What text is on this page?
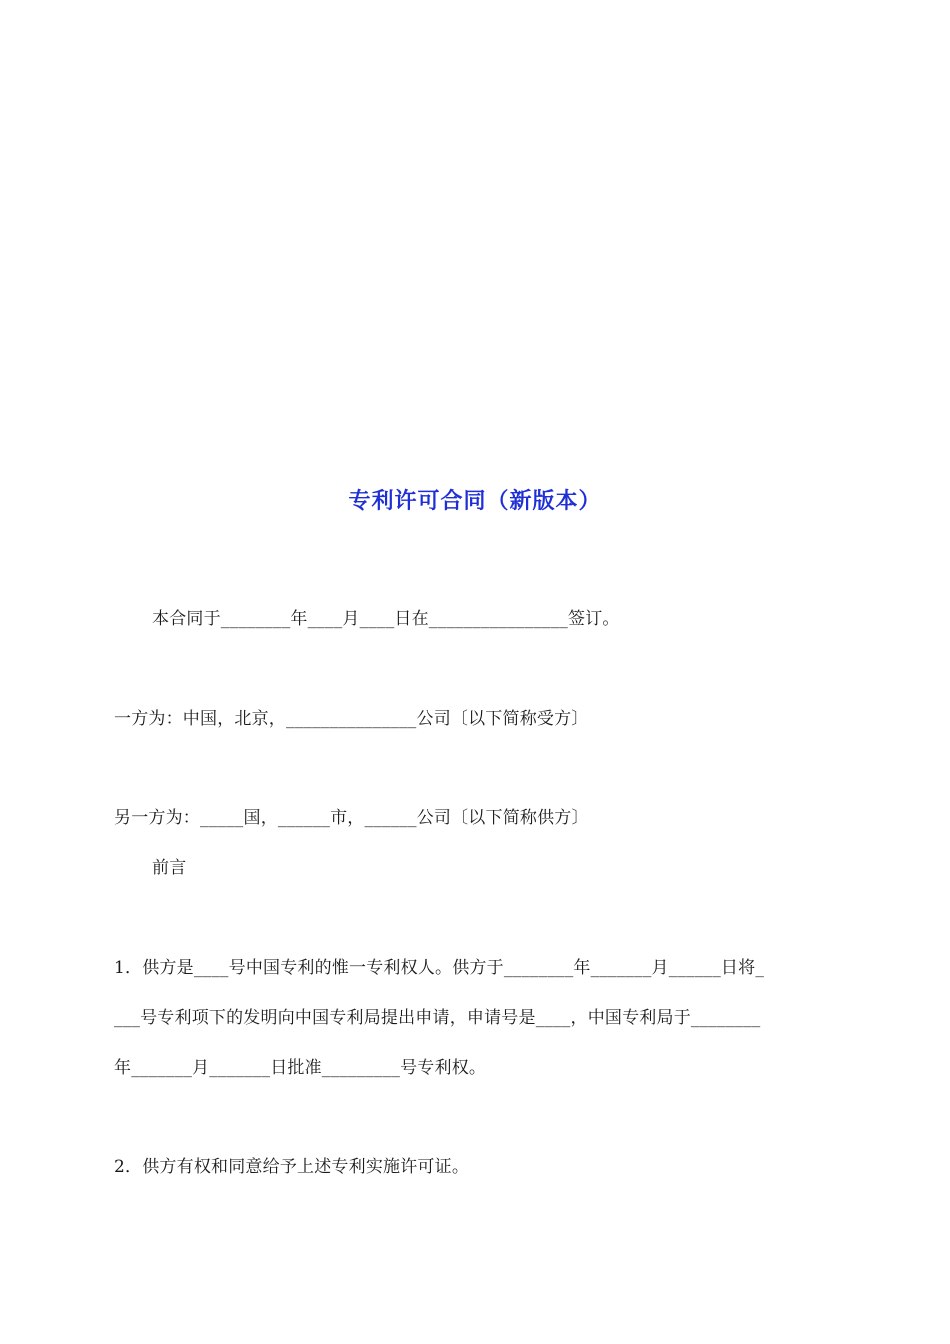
专利许可合同（新版本）
本合同于________年____月____日在________________签订。
一方为：中国，北京，_______________公司〔以下简称受方〕
另一方为：_____国，______市，______公司〔以下简称供方〕
前言
1．供方是____号中国专利的惟一专利权人。供方于________年_______月______日将_
___号专利项下的发明向中国专利局提出申请，申请号是____，中国专利局于________
年_______月_______日批准_________号专利权。
2．供方有权和同意给予上述专利实施许可证。
